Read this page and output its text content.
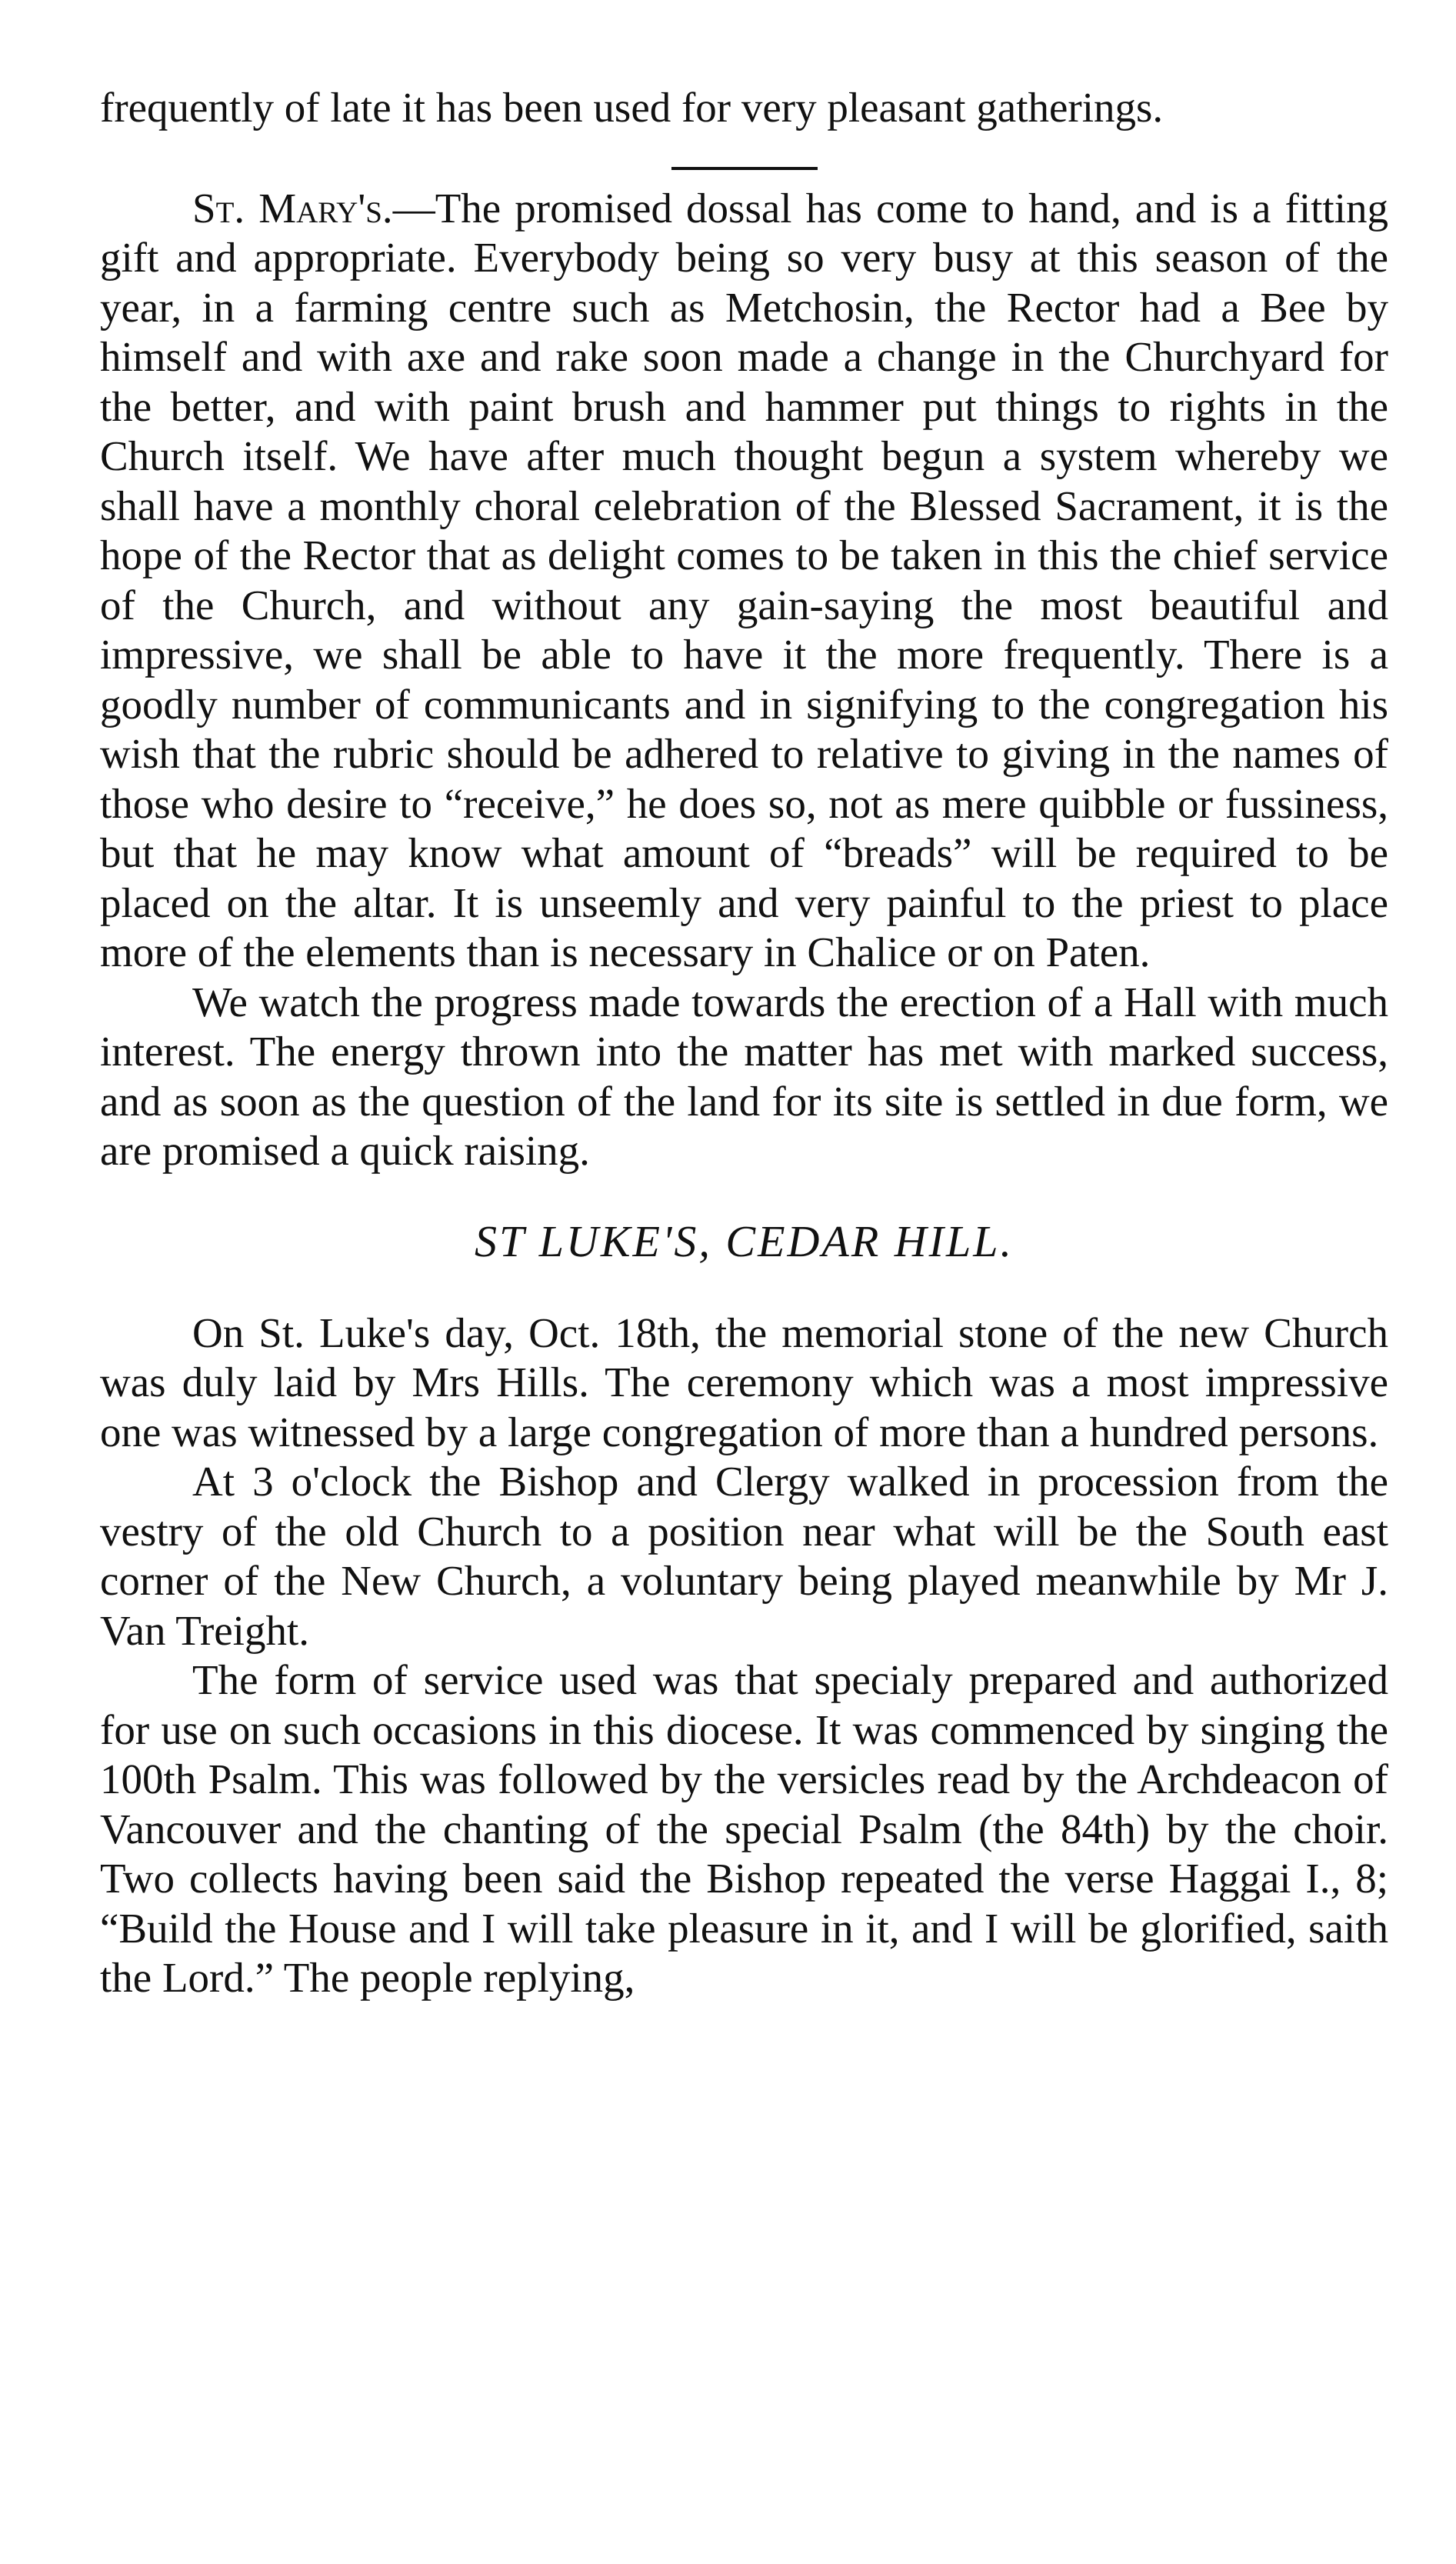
frequently of late it has been used for very pleasant gatherings.

St. Mary's.—The promised dossal has come to hand, and is a fitting gift and appropriate. Everybody being so very busy at this season of the year, in a farming centre such as Metchosin, the Rector had a Bee by himself and with axe and rake soon made a change in the Churchyard for the better, and with paint brush and hammer put things to rights in the Church itself. We have after much thought begun a system whereby we shall have a monthly choral celebration of the Blessed Sacrament, it is the hope of the Rector that as delight comes to be taken in this the chief service of the Church, and without any gain-saying the most beautiful and impressive, we shall be able to have it the more frequently. There is a goodly number of communicants and in signifying to the congregation his wish that the rubric should be adhered to relative to giving in the names of those who desire to “receive,” he does so, not as mere quibble or fussiness, but that he may know what amount of “breads” will be required to be placed on the altar. It is unseemly and very painful to the priest to place more of the elements than is necessary in Chalice or on Paten.

We watch the progress made towards the erection of a Hall with much interest. The energy thrown into the matter has met with marked success, and as soon as the question of the land for its site is settled in due form, we are promised a quick raising.

ST LUKE'S, CEDAR HILL.

On St. Luke's day, Oct. 18th, the memorial stone of the new Church was duly laid by Mrs Hills. The ceremony which was a most impressive one was witnessed by a large congregation of more than a hundred persons.

At 3 o'clock the Bishop and Clergy walked in procession from the vestry of the old Church to a position near what will be the South east corner of the New Church, a voluntary being played meanwhile by Mr J. Van Treight.

The form of service used was that specialy prepared and authorized for use on such occasions in this diocese. It was commenced by singing the 100th Psalm. This was followed by the versicles read by the Archdeacon of Vancouver and the chanting of the special Psalm (the 84th) by the choir. Two collects having been said the Bishop repeated the verse Haggai I., 8; “Build the House and I will take pleasure in it, and I will be glorified, saith the Lord.” The people replying,
